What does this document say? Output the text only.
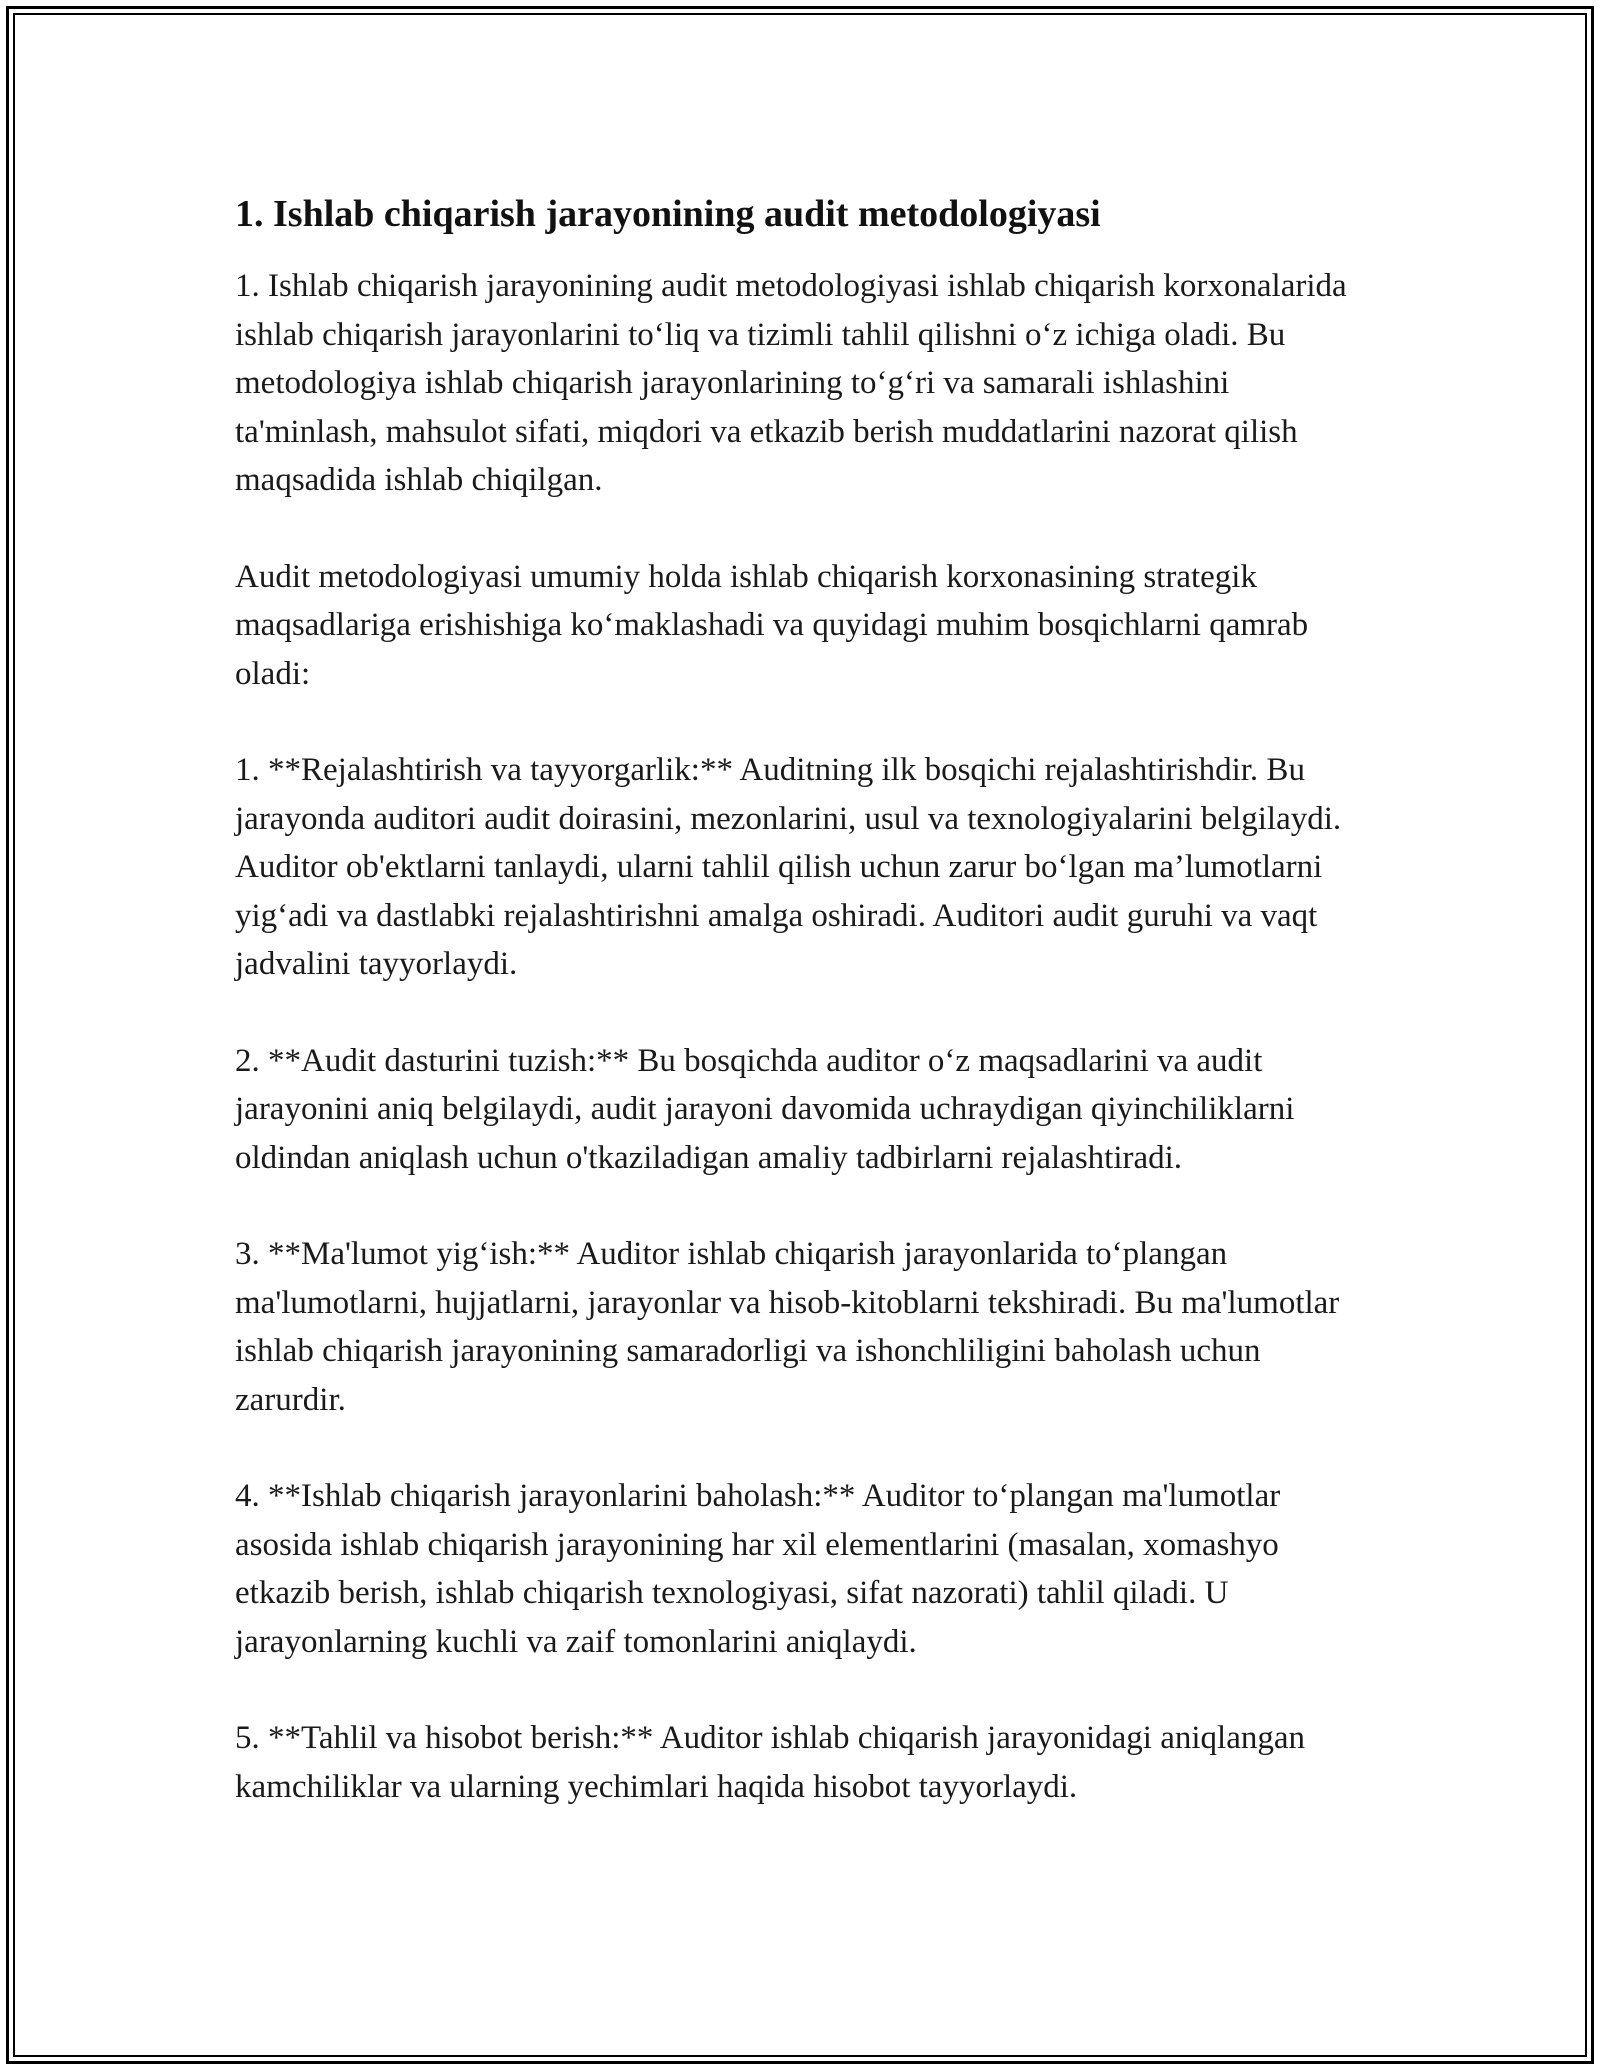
1. Ishlab chiqarish jarayonining audit metodologiyasi

1. Ishlab chiqarish jarayonining audit metodologiyasi ishlab chiqarish korxonalarida ishlab chiqarish jarayonlarini to‘liq va tizimli tahlil qilishni o‘z ichiga oladi. Bu metodologiya ishlab chiqarish jarayonlarining to‘g‘ri va samarali ishlashini ta'minlash, mahsulot sifati, miqdori va etkazib berish muddatlarini nazorat qilish maqsadida ishlab chiqilgan.

Audit metodologiyasi umumiy holda ishlab chiqarish korxonasining strategik maqsadlariga erishishiga ko‘maklashadi va quyidagi muhim bosqichlarni qamrab oladi:

1. **Rejalashtirish va tayyorgarlik:** Auditning ilk bosqichi rejalashtirishdir. Bu jarayonda auditori audit doirasini, mezonlarini, usul va texnologiyalarini belgilaydi. Auditor ob'ektlarni tanlaydi, ularni tahlil qilish uchun zarur bo‘lgan ma’lumotlarni yig‘adi va dastlabki rejalashtirishni amalga oshiradi. Auditori audit guruhi va vaqt jadvalini tayyorlaydi.

2. **Audit dasturini tuzish:** Bu bosqichda auditor o‘z maqsadlarini va audit jarayonini aniq belgilaydi, audit jarayoni davomida uchraydigan qiyinchiliklarni oldindan aniqlash uchun o'tkaziladigan amaliy tadbirlarni rejalashtiradi.

3. **Ma'lumot yig‘ish:** Auditor ishlab chiqarish jarayonlarida to‘plangan ma'lumotlarni, hujjatlarni, jarayonlar va hisob-kitoblarni tekshiradi. Bu ma'lumotlar ishlab chiqarish jarayonining samaradorligi va ishonchliligini baholash uchun zarurdir.

4. **Ishlab chiqarish jarayonlarini baholash:** Auditor to‘plangan ma'lumotlar asosida ishlab chiqarish jarayonining har xil elementlarini (masalan, xomashyo etkazib berish, ishlab chiqarish texnologiyasi, sifat nazorati) tahlil qiladi. U jarayonlarning kuchli va zaif tomonlarini aniqlaydi.

5. **Tahlil va hisobot berish:** Auditor ishlab chiqarish jarayonidagi aniqlangan kamchiliklar va ularning yechimlari haqida hisobot tayyorlaydi.
